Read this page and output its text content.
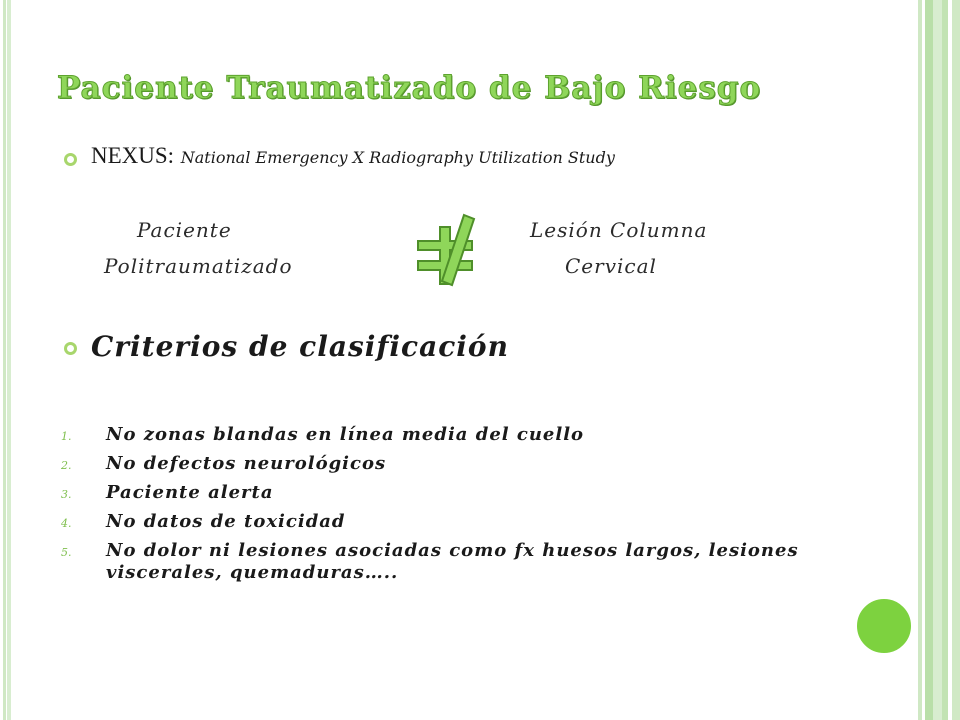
Paciente Traumatizado de Bajo Riesgo
NEXUS: National Emergency X Radiography Utilization Study
Paciente
Politraumatizado
Lesión Columna
Cervical
Criterios de clasificación
1. No zonas blandas en línea media del cuello
2. No defectos neurológicos
3. Paciente alerta
4. No datos de toxicidad
5. No dolor ni lesiones asociadas como fx huesos largos, lesiones viscerales, quemaduras…..
